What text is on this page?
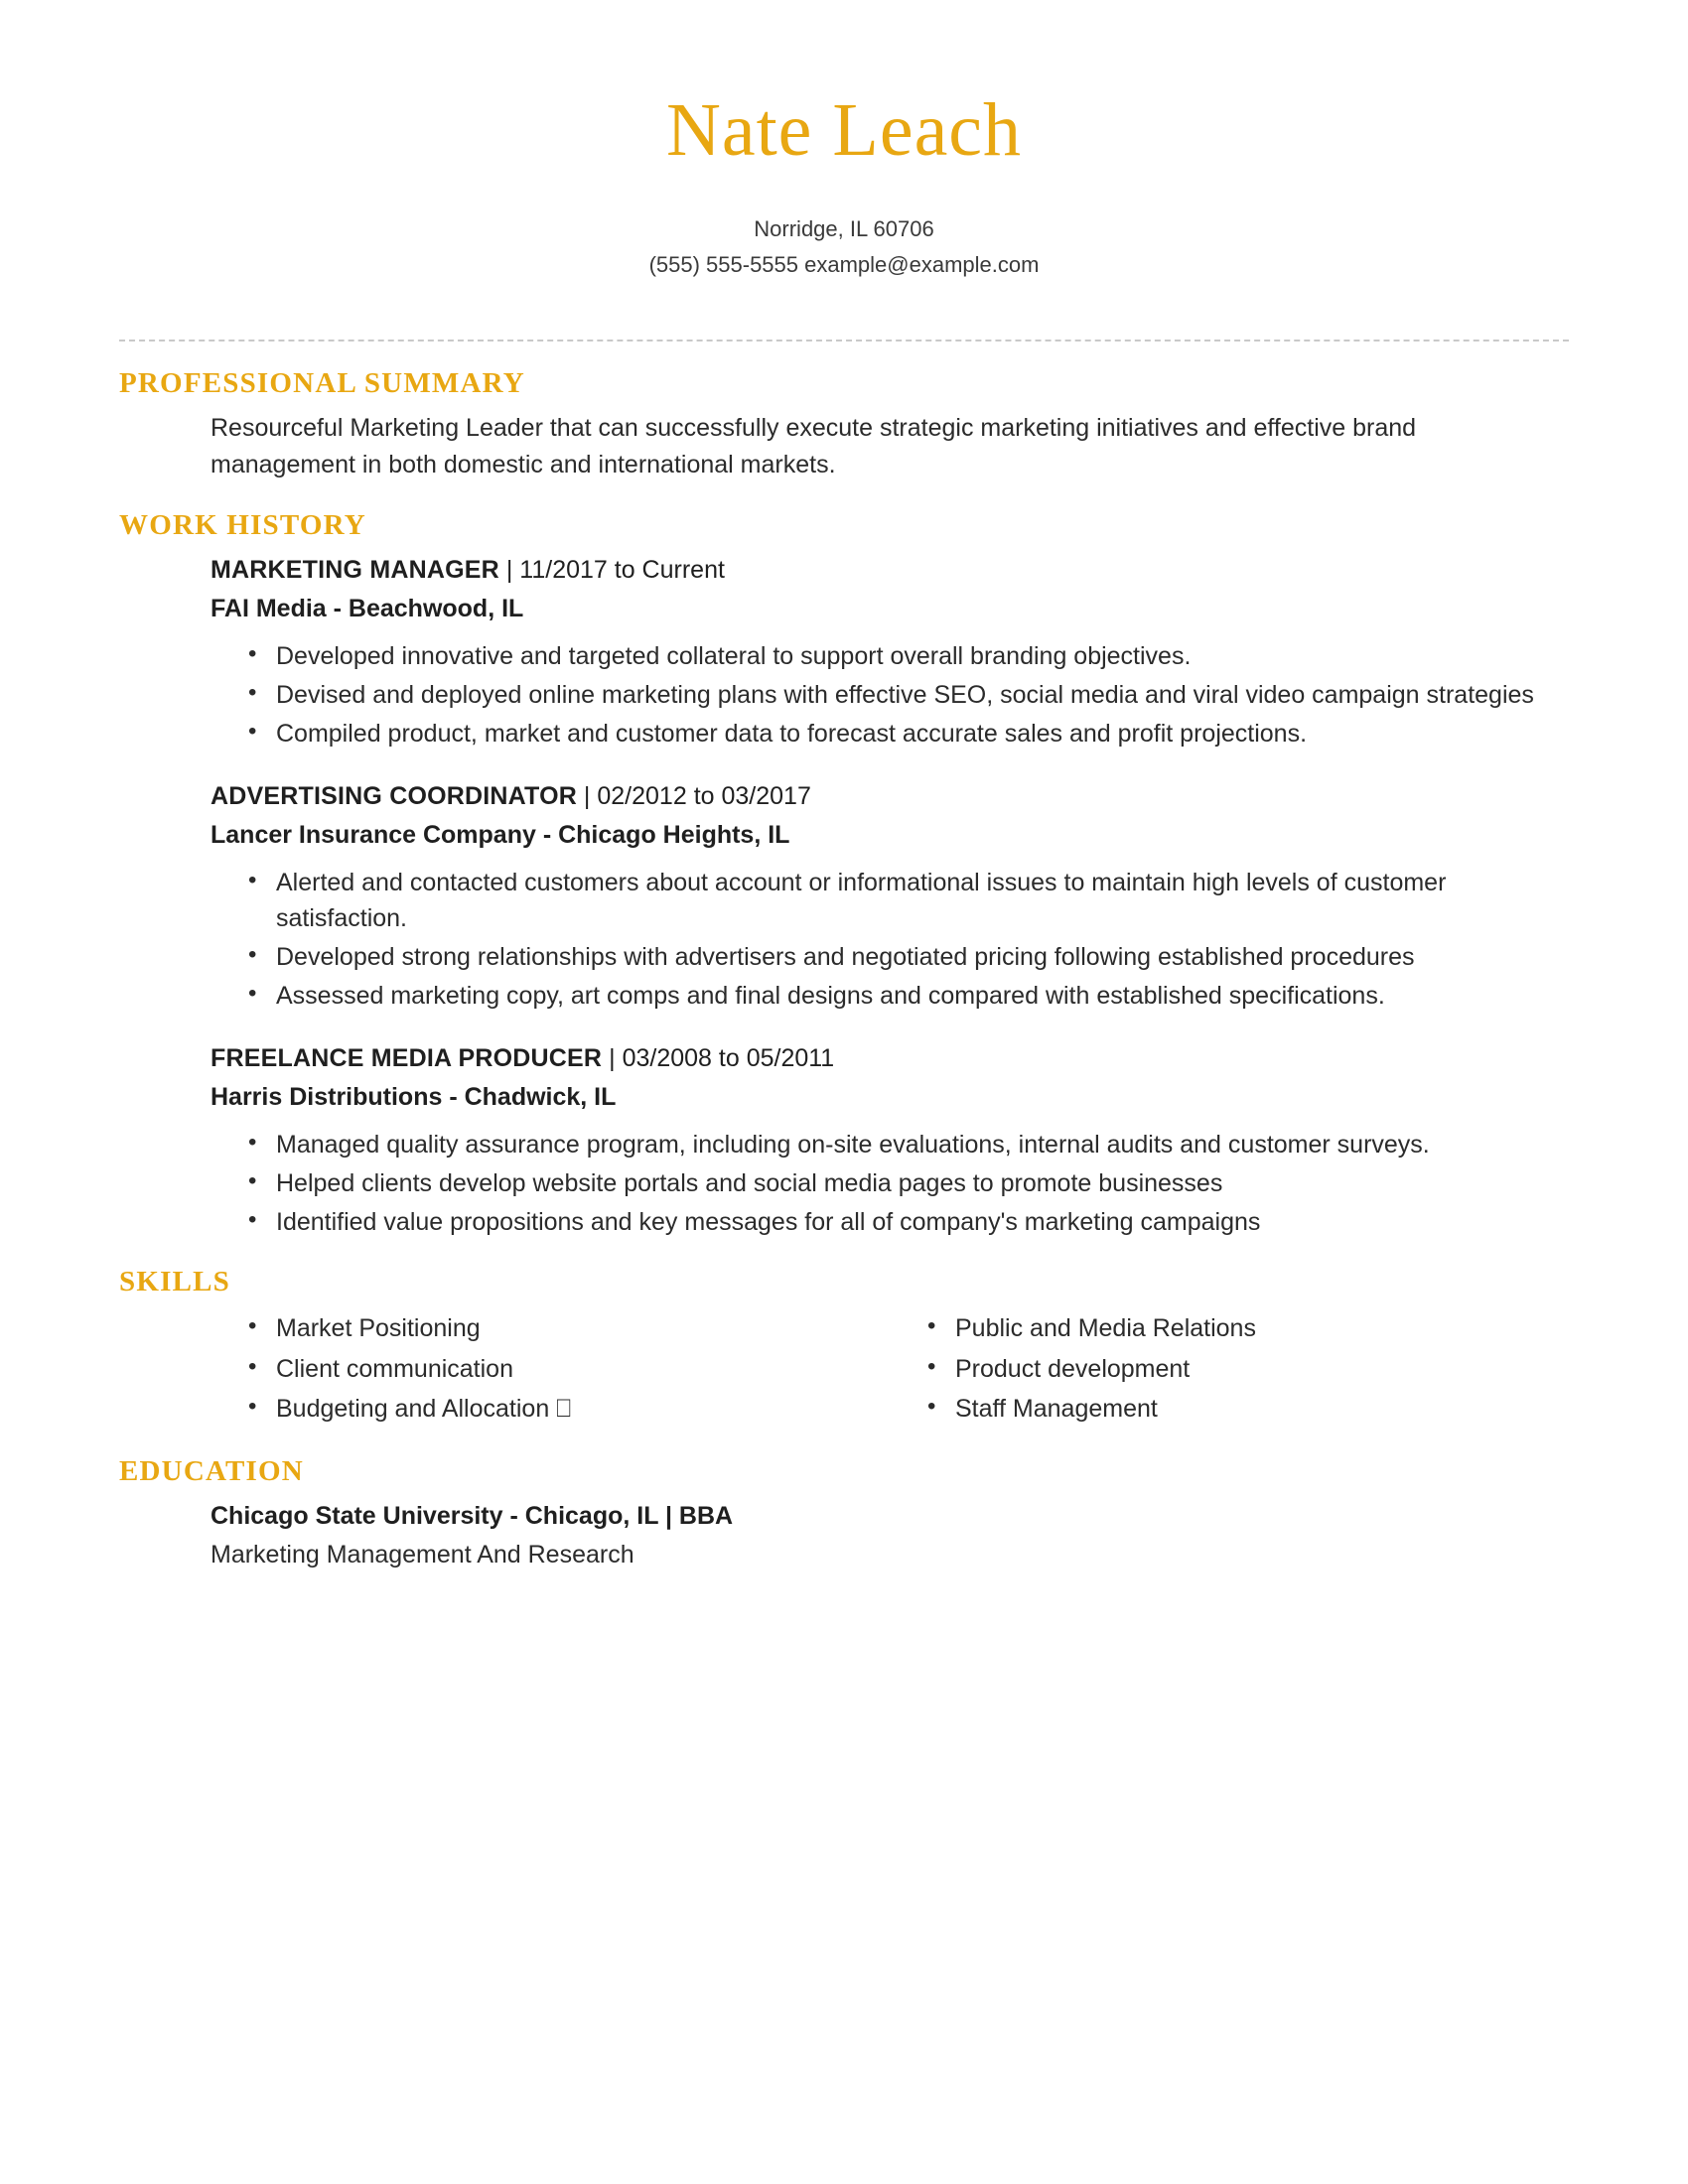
Nate Leach
Norridge, IL 60706
(555) 555-5555 example@example.com
PROFESSIONAL SUMMARY
Resourceful Marketing Leader that can successfully execute strategic marketing initiatives and effective brand management in both domestic and international markets.
WORK HISTORY
MARKETING MANAGER | 11/2017 to Current
FAI Media - Beachwood, IL
• Developed innovative and targeted collateral to support overall branding objectives.
• Devised and deployed online marketing plans with effective SEO, social media and viral video campaign strategies
• Compiled product, market and customer data to forecast accurate sales and profit projections.
ADVERTISING COORDINATOR | 02/2012 to 03/2017
Lancer Insurance Company - Chicago Heights, IL
• Alerted and contacted customers about account or informational issues to maintain high levels of customer satisfaction.
• Developed strong relationships with advertisers and negotiated pricing following established procedures
• Assessed marketing copy, art comps and final designs and compared with established specifications.
FREELANCE MEDIA PRODUCER | 03/2008 to 05/2011
Harris Distributions - Chadwick, IL
• Managed quality assurance program, including on-site evaluations, internal audits and customer surveys.
• Helped clients develop website portals and social media pages to promote businesses
• Identified value propositions and key messages for all of company's marketing campaigns
SKILLS
• Market Positioning
• Client communication
• Budgeting and Allocation ⎕
• Public and Media Relations
• Product development
• Staff Management
EDUCATION
Chicago State University - Chicago, IL | BBA
Marketing Management And Research
